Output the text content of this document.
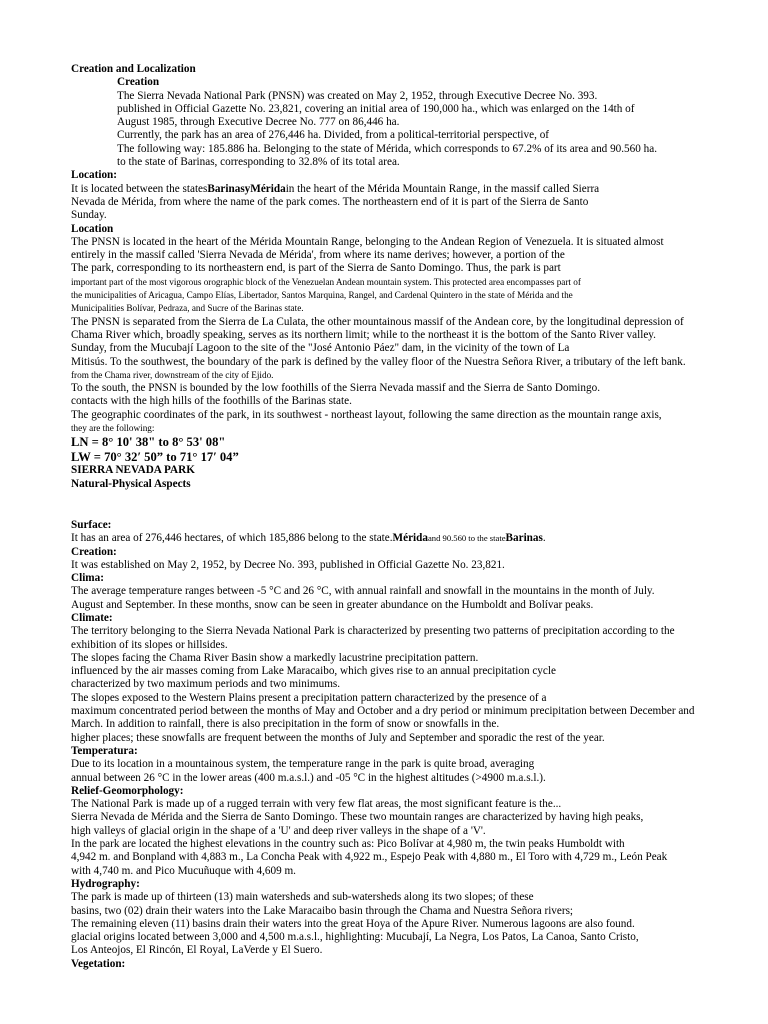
Creation and Localization

Creation

The Sierra Nevada National Park (PNSN) was created on May 2, 1952, through Executive Decree No. 393.

published in Official Gazette No. 23,821, covering an initial area of 190,000 ha., which was enlarged on the 14th of

August 1985, through Executive Decree No. 777 on 86,446 ha.

Currently, the park has an area of 276,446 ha. Divided, from a political-territorial perspective, of

The following way: 185.886 ha. Belonging to the state of Mérida, which corresponds to 67.2% of its area and 90.560 ha.

to the state of Barinas, corresponding to 32.8% of its total area.

Location:

It is located between the statesBarinasyMéridain the heart of the Mérida Mountain Range, in the massif called Sierra

Nevada de Mérida, from where the name of the park comes. The northeastern end of it is part of the Sierra de Santo

Sunday.

Location

The PNSN is located in the heart of the Mérida Mountain Range, belonging to the Andean Region of Venezuela. It is situated almost

entirely in the massif called 'Sierra Nevada de Mérida', from where its name derives; however, a portion of the

The park, corresponding to its northeastern end, is part of the Sierra de Santo Domingo. Thus, the park is part

important part of the most vigorous orographic block of the Venezuelan Andean mountain system. This protected area encompasses part of

the municipalities of Aricagua, Campo Elías, Libertador, Santos Marquina, Rangel, and Cardenal Quintero in the state of Mérida and the

Municipalities Bolívar, Pedraza, and Sucre of the Barinas state.

The PNSN is separated from the Sierra de La Culata, the other mountainous massif of the Andean core, by the longitudinal depression of

Chama River which, broadly speaking, serves as its northern limit; while to the northeast it is the bottom of the Santo River valley.

Sunday, from the Mucubají Lagoon to the site of the "José Antonio Páez" dam, in the vicinity of the town of La

Mitisús. To the southwest, the boundary of the park is defined by the valley floor of the Nuestra Señora River, a tributary of the left bank.

from the Chama river, downstream of the city of Ejido.

To the south, the PNSN is bounded by the low foothills of the Sierra Nevada massif and the Sierra de Santo Domingo.

contacts with the high hills of the foothills of the Barinas state.

The geographic coordinates of the park, in its southwest - northeast layout, following the same direction as the mountain range axis,

they are the following:

LN = 8° 10' 38" to 8° 53' 08"

LW = 70° 32′ 50” to 71° 17′ 04”

SIERRA NEVADA PARK

Natural-Physical Aspects

Surface:

It has an area of 276,446 hectares, of which 185,886 belong to the state.Méridaand 90.560 to the stateBarinas.

Creation:

It was established on May 2, 1952, by Decree No. 393, published in Official Gazette No. 23,821.

Clima:

The average temperature ranges between -5 °C and 26 °C, with annual rainfall and snowfall in the mountains in the month of July.

August and September. In these months, snow can be seen in greater abundance on the Humboldt and Bolívar peaks.

Climate:

The territory belonging to the Sierra Nevada National Park is characterized by presenting two patterns of precipitation according to the

exhibition of its slopes or hillsides.

The slopes facing the Chama River Basin show a markedly lacustrine precipitation pattern.

influenced by the air masses coming from Lake Maracaibo, which gives rise to an annual precipitation cycle

characterized by two maximum periods and two minimums.

The slopes exposed to the Western Plains present a precipitation pattern characterized by the presence of a

maximum concentrated period between the months of May and October and a dry period or minimum precipitation between December and

March. In addition to rainfall, there is also precipitation in the form of snow or snowfalls in the.

higher places; these snowfalls are frequent between the months of July and September and sporadic the rest of the year.

Temperatura:

Due to its location in a mountainous system, the temperature range in the park is quite broad, averaging

annual between 26 °C in the lower areas (400 m.a.s.l.) and -05 °C in the highest altitudes (>4900 m.a.s.l.).

Relief-Geomorphology:

The National Park is made up of a rugged terrain with very few flat areas, the most significant feature is the...

Sierra Nevada de Mérida and the Sierra de Santo Domingo. These two mountain ranges are characterized by having high peaks,

high valleys of glacial origin in the shape of a 'U' and deep river valleys in the shape of a 'V'.

In the park are located the highest elevations in the country such as: Pico Bolívar at 4,980 m, the twin peaks Humboldt with

4,942 m. and Bonpland with 4,883 m., La Concha Peak with 4,922 m., Espejo Peak with 4,880 m., El Toro with 4,729 m., León Peak

with 4,740 m. and Pico Mucuñuque with 4,609 m.

Hydrography:

The park is made up of thirteen (13) main watersheds and sub-watersheds along its two slopes; of these

basins, two (02) drain their waters into the Lake Maracaibo basin through the Chama and Nuestra Señora rivers;

The remaining eleven (11) basins drain their waters into the great Hoya of the Apure River. Numerous lagoons are also found.

glacial origins located between 3,000 and 4,500 m.a.s.l., highlighting: Mucubají, La Negra, Los Patos, La Canoa, Santo Cristo,

Los Anteojos, El Rincón, El Royal, LaVerde y El Suero.

Vegetation:
